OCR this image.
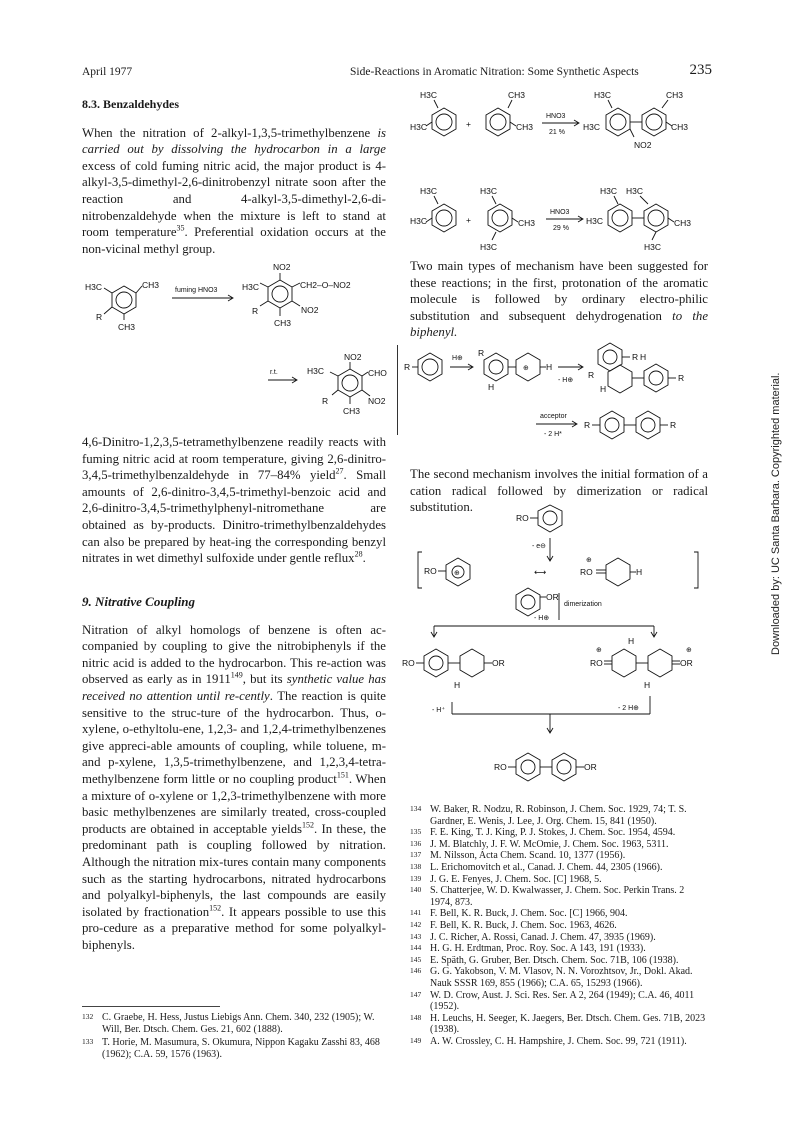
April 1977	Side-Reactions in Aromatic Nitration: Some Synthetic Aspects	235
8.3. Benzaldehydes

When the nitration of 2-alkyl-1,3,5-trimethylbenzene is carried out by dissolving the hydrocarbon in a large excess of cold fuming nitric acid, the major product is 4-alkyl-3,5-dimethyl-2,6-dinitrobenzyl nitrate soon after the reaction and 4-alkyl-3,5-dimethyl-2,6-di-nitrobenzaldehyde when the mixture is left to stand at room temperature$^{35}$. Preferential oxidation occurs at the non-vicinal methyl group.

H3C	CH3
R
CH3
fuming HNO3
NO2
H3C	CH2–O–NO2
NO2
R
CH3
r.t.
NO2
H3C	CHO
NO2
R
CH3

4,6-Dinitro-1,2,3,5-tetramethylbenzene readily reacts with fuming nitric acid at room temperature, giving 2,6-dinitro-3,4,5-trimethylbenzaldehyde in 77–84% yield$^{27}$. Small amounts of 2,6-dinitro-3,4,5-trimethyl-benzoic acid and 2,6-dinitro-3,4,5-trimethylphenyl-nitromethane are obtained as by-products. Dinitro-trimethylbenzaldehydes can also be prepared by heat-ing the corresponding benzyl nitrates in wet dimethyl sulfoxide under gentle reflux$^{28}$.

9. Nitrative Coupling

Nitration of alkyl homologs of benzene is often ac-companied by coupling to give the nitrobiphenyls if the nitric acid is added to the hydrocarbon. This re-action was observed as early as in 1911$^{149}$, but its synthetic value has received no attention until re-cently. The reaction is quite sensitive to the struc-ture of the hydrocarbon. Thus, o-xylene, o-ethyltolu-ene, 1,2,3- and 1,2,4-trimethylbenzenes give appreci-able amounts of coupling, while toluene, m- and p-xylene, 1,3,5-trimethylbenzene, and 1,2,3,4-tetra-methylbenzene form little or no coupling product$^{151}$. When a mixture of o-xylene or 1,2,3-trimethylbenzene with more basic methylbenzenes are similarly treated, cross-coupled products are obtained in acceptable yields$^{152}$. In these, the predominant path is coupling followed by nitration. Although the nitration mix-tures contain many components such as the starting hydrocarbons, nitrated hydrocarbons and polyalkyl-biphenyls, the last compounds are easily isolated by fractionation$^{152}$. It appears possible to use this pro-cedure as a preparative method for some polyalkyl-biphenyls.

H3C
H3C	+
CH3
CH3
HNO3
21 %
H3C
H3C	CH3
CH3
NO2
H3C
H3C	+
H3C
CH3
H3C
HNO3
29 %
H3C
H3C
H3C
CH3
H3C

Two main types of mechanism have been suggested for these reactions; in the first, protonation of the aromatic molecule is followed by ordinary electro-philic substitution and subsequent dehydrogenation to the biphenyl.

R
H⊕
R
H
⊕ H
- H⊕
R
R
H
H
R
acceptor
- 2 H*
R	R

The second mechanism involves the initial formation of a cation radical followed by dimerization or radical substitution.

RO
- e⊖
RO ⊕	⟷
⊕
RO	H
OR
- H⊕
dimerization
RO
H
OR
⊕
RO
H
H
⊕
OR
- H⁺	- 2 H⊕
RO	OR
132 C. Graebe, H. Hess, Justus Liebigs Ann. Chem. 340, 232 (1905); W. Will, Ber. Dtsch. Chem. Ges. 21, 602 (1888).
133 T. Horie, M. Masumura, S. Okumura, Nippon Kagaku Zasshi 83, 468 (1962); C.A. 59, 1576 (1963).
134 W. Baker, R. Nodzu, R. Robinson, J. Chem. Soc. 1929, 74; T. S. Gardner, E. Wenis, J. Lee, J. Org. Chem. 15, 841 (1950).
135 F. E. King, T. J. King, P. J. Stokes, J. Chem. Soc. 1954, 4594.
136 J. M. Blatchly, J. F. W. McOmie, J. Chem. Soc. 1963, 5311.
137 M. Nilsson, Acta Chem. Scand. 10, 1377 (1956).
138 L. Erichomovitch et al., Canad. J. Chem. 44, 2305 (1966).
139 J. G. E. Fenyes, J. Chem. Soc. [C] 1968, 5.
140 S. Chatterjee, W. D. Kwalwasser, J. Chem. Soc. Perkin Trans. 2 1974, 873.
141 F. Bell, K. R. Buck, J. Chem. Soc. [C] 1966, 904.
142 F. Bell, K. R. Buck, J. Chem. Soc. 1963, 4626.
143 J. C. Richer, A. Rossi, Canad. J. Chem. 47, 3935 (1969).
144 H. G. H. Erdtman, Proc. Roy. Soc. A 143, 191 (1933).
145 E. Späth, G. Gruber, Ber. Dtsch. Chem. Soc. 71B, 106 (1938).
146 G. G. Yakobson, V. M. Vlasov, N. N. Vorozhtsov, Jr., Dokl. Akad. Nauk SSSR 169, 855 (1966); C.A. 65, 15293 (1966).
147 W. D. Crow, Aust. J. Sci. Res. Ser. A 2, 264 (1949); C.A. 46, 4011 (1952).
148 H. Leuchs, H. Seeger, K. Jaegers, Ber. Dtsch. Chem. Ges. 71B, 2023 (1938).
149 A. W. Crossley, C. H. Hampshire, J. Chem. Soc. 99, 721 (1911).
Downloaded by: UC Santa Barbara. Copyrighted material.
